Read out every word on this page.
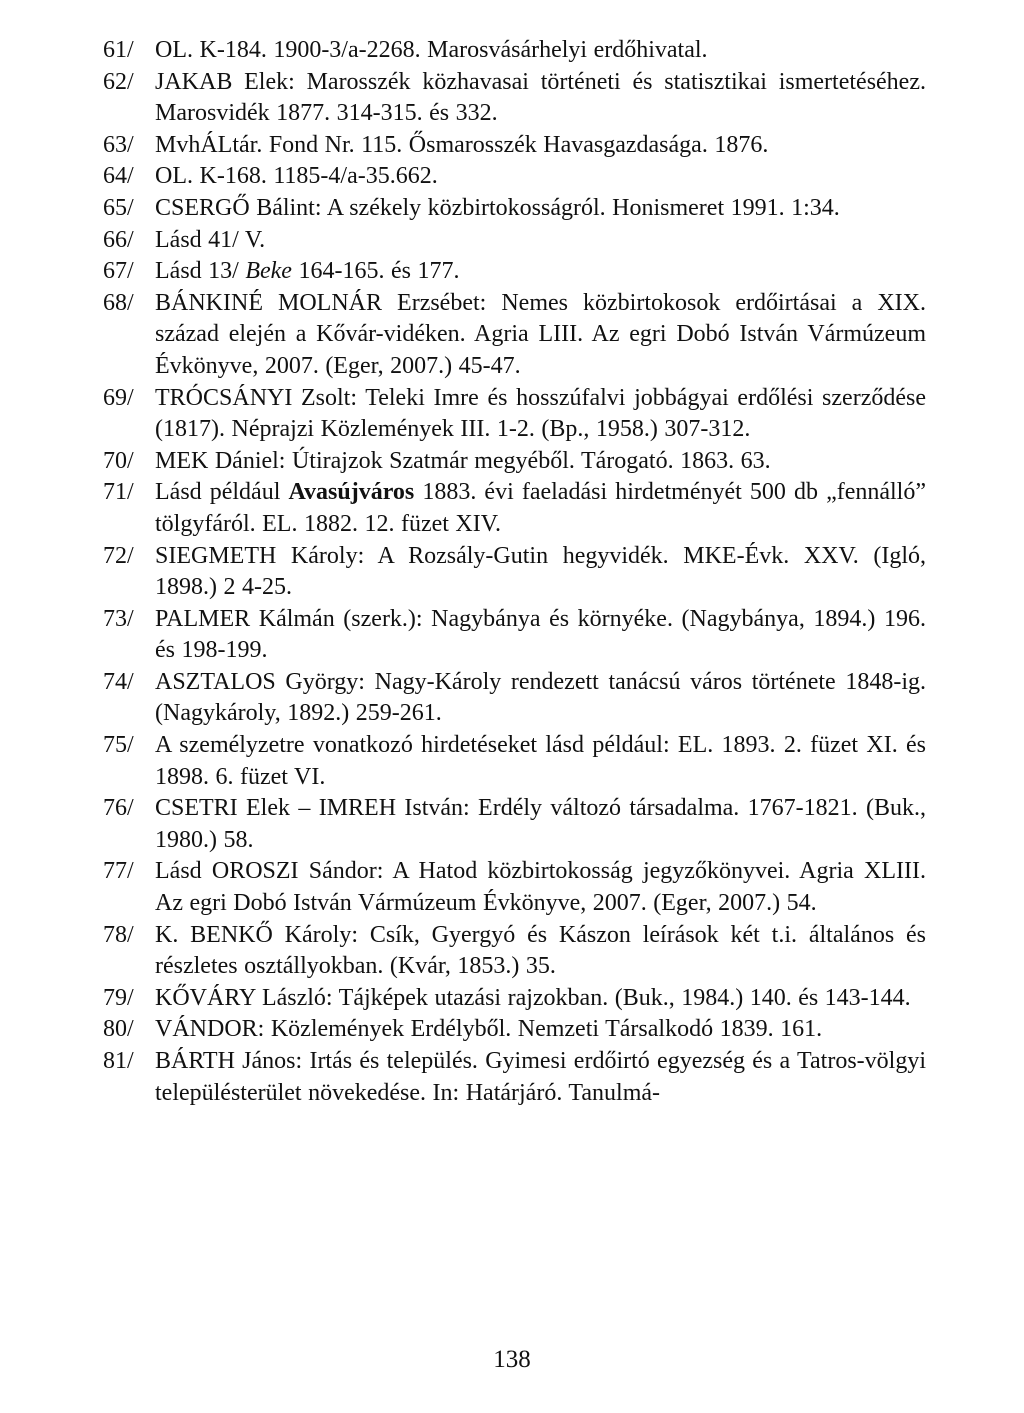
61/ OL. K-184. 1900-3/a-2268. Marosvásárhelyi erdőhivatal.
62/ JAKAB Elek: Marosszék közhavasai történeti és statisztikai ismertetéséhez. Marosvidék 1877. 314-315. és 332.
63/ MvhÁLtár. Fond Nr. 115. Ősmarosszék Havasgazdasága. 1876.
64/ OL. K-168. 1185-4/a-35.662.
65/ CSERGŐ Bálint: A székely közbirtokosságról. Honismeret 1991. 1:34.
66/ Lásd 41/ V.
67/ Lásd 13/ Beke 164-165. és 177.
68/ BÁNKINÉ MOLNÁR Erzsébet: Nemes közbirtokosok erdőirtásai a XIX. század elején a Kővár-vidéken. Agria LIII. Az egri Dobó István Vármúzeum Évkönyve, 2007. (Eger, 2007.) 45-47.
69/ TRÓCSÁNYI Zsolt: Teleki Imre és hosszúfalvi jobbágyai erdőlési szerződése (1817). Néprajzi Közlemények III. 1-2. (Bp., 1958.) 307-312.
70/ MEK Dániel: Útirajzok Szatmár megyéből. Tárogató. 1863. 63.
71/ Lásd például Avasújváros 1883. évi faeladási hirdetményét 500 db „fennálló” tölgyfáról. EL. 1882. 12. füzet XIV.
72/ SIEGMETH Károly: A Rozsály-Gutin hegyvidék. MKE-Évk. XXV. (Igló, 1898.) 2 4-25.
73/ PALMER Kálmán (szerk.): Nagybánya és környéke. (Nagybánya, 1894.) 196. és 198-199.
74/ ASZTALOS György: Nagy-Károly rendezett tanácsú város története 1848-ig. (Nagykároly, 1892.) 259-261.
75/ A személyzetre vonatkozó hirdetéseket lásd például: EL. 1893. 2. füzet XI. és 1898. 6. füzet VI.
76/ CSETRI Elek – IMREH István: Erdély változó társadalma. 1767-1821. (Buk., 1980.) 58.
77/ Lásd OROSZI Sándor: A Hatod közbirtokosság jegyzőkönyvei. Agria XLIII. Az egri Dobó István Vármúzeum Évkönyve, 2007. (Eger, 2007.) 54.
78/ K. BENKŐ Károly: Csík, Gyergyó és Kászon leírások két t.i. általános és részletes osztállyokban. (Kvár, 1853.) 35.
79/ KŐVÁRY László: Tájképek utazási rajzokban. (Buk., 1984.) 140. és 143-144.
80/ VÁNDOR: Közlemények Erdélyből. Nemzeti Társalkodó 1839. 161.
81/ BÁRTH János: Irtás és település. Gyimesi erdőirtó egyezség és a Tatros-völgyi településterület növekedése. In: Határjáró. Tanulmá-
138
